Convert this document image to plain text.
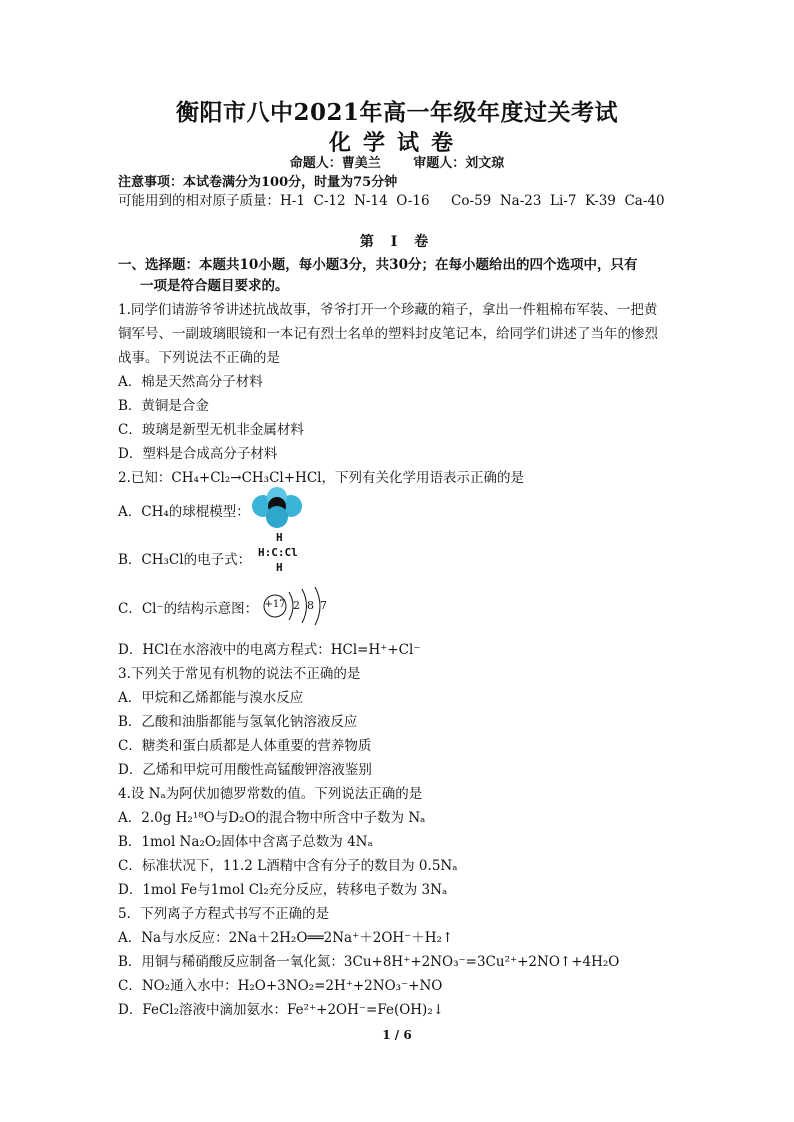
衡阳市八中2021年高一年级年度过关考试
化学试卷
命题人：曹美兰	审题人：刘文琼
注意事项：本试卷满分为100分，时量为75分钟
可能用到的相对原子质量：H-1  C-12  N-14  O-16     Co-59  Na-23  Li-7  K-39  Ca-40
第 I 卷
一、选择题：本题共10小题，每小题3分，共30分；在每小题给出的四个选项中，只有
一项是符合题目要求的。
1.同学们请游爷爷讲述抗战故事，爷爷打开一个珍藏的箱子，拿出一件粗棉布军装、一把黄
铜军号、一副玻璃眼镜和一本记有烈士名单的塑料封皮笔记本，给同学们讲述了当年的惨烈
战事。下列说法不正确的是
A．棉是天然高分子材料
B．黄铜是合金
C．玻璃是新型无机非金属材料
D．塑料是合成高分子材料
2.已知：CH₄+Cl₂→CH₃Cl+HCl，下列有关化学用语表示正确的是
A．CH₄的球棍模型：
B．CH₃Cl的电子式：
H
H:C:Cl
H
C．Cl⁻的结构示意图： +17 2 8 7
D．HCl在水溶液中的电离方程式：HCl=H⁺+Cl⁻
3.下列关于常见有机物的说法不正确的是
A．甲烷和乙烯都能与溴水反应
B．乙酸和油脂都能与氢氧化钠溶液反应
C．糖类和蛋白质都是人体重要的营养物质
D．乙烯和甲烷可用酸性高锰酸钾溶液鉴别
4.设 Nₐ为阿伏加德罗常数的值。下列说法正确的是
A．2.0g H₂¹⁸O与D₂O的混合物中所含中子数为 Nₐ
B．1mol Na₂O₂固体中含离子总数为 4Nₐ
C．标准状况下，11.2 L酒精中含有分子的数目为 0.5Nₐ
D．1mol Fe与1mol Cl₂充分反应，转移电子数为 3Nₐ
5．下列离子方程式书写不正确的是
A．Na与水反应：2Na＋2H₂O══2Na⁺＋2OH⁻＋H₂↑
B．用铜与稀硝酸反应制备一氧化氮：3Cu+8H⁺+2NO₃⁻=3Cu²⁺+2NO↑+4H₂O
C．NO₂通入水中：H₂O+3NO₂=2H⁺+2NO₃⁻+NO
D．FeCl₂溶液中滴加氨水：Fe²⁺+2OH⁻=Fe(OH)₂↓
1 / 6
